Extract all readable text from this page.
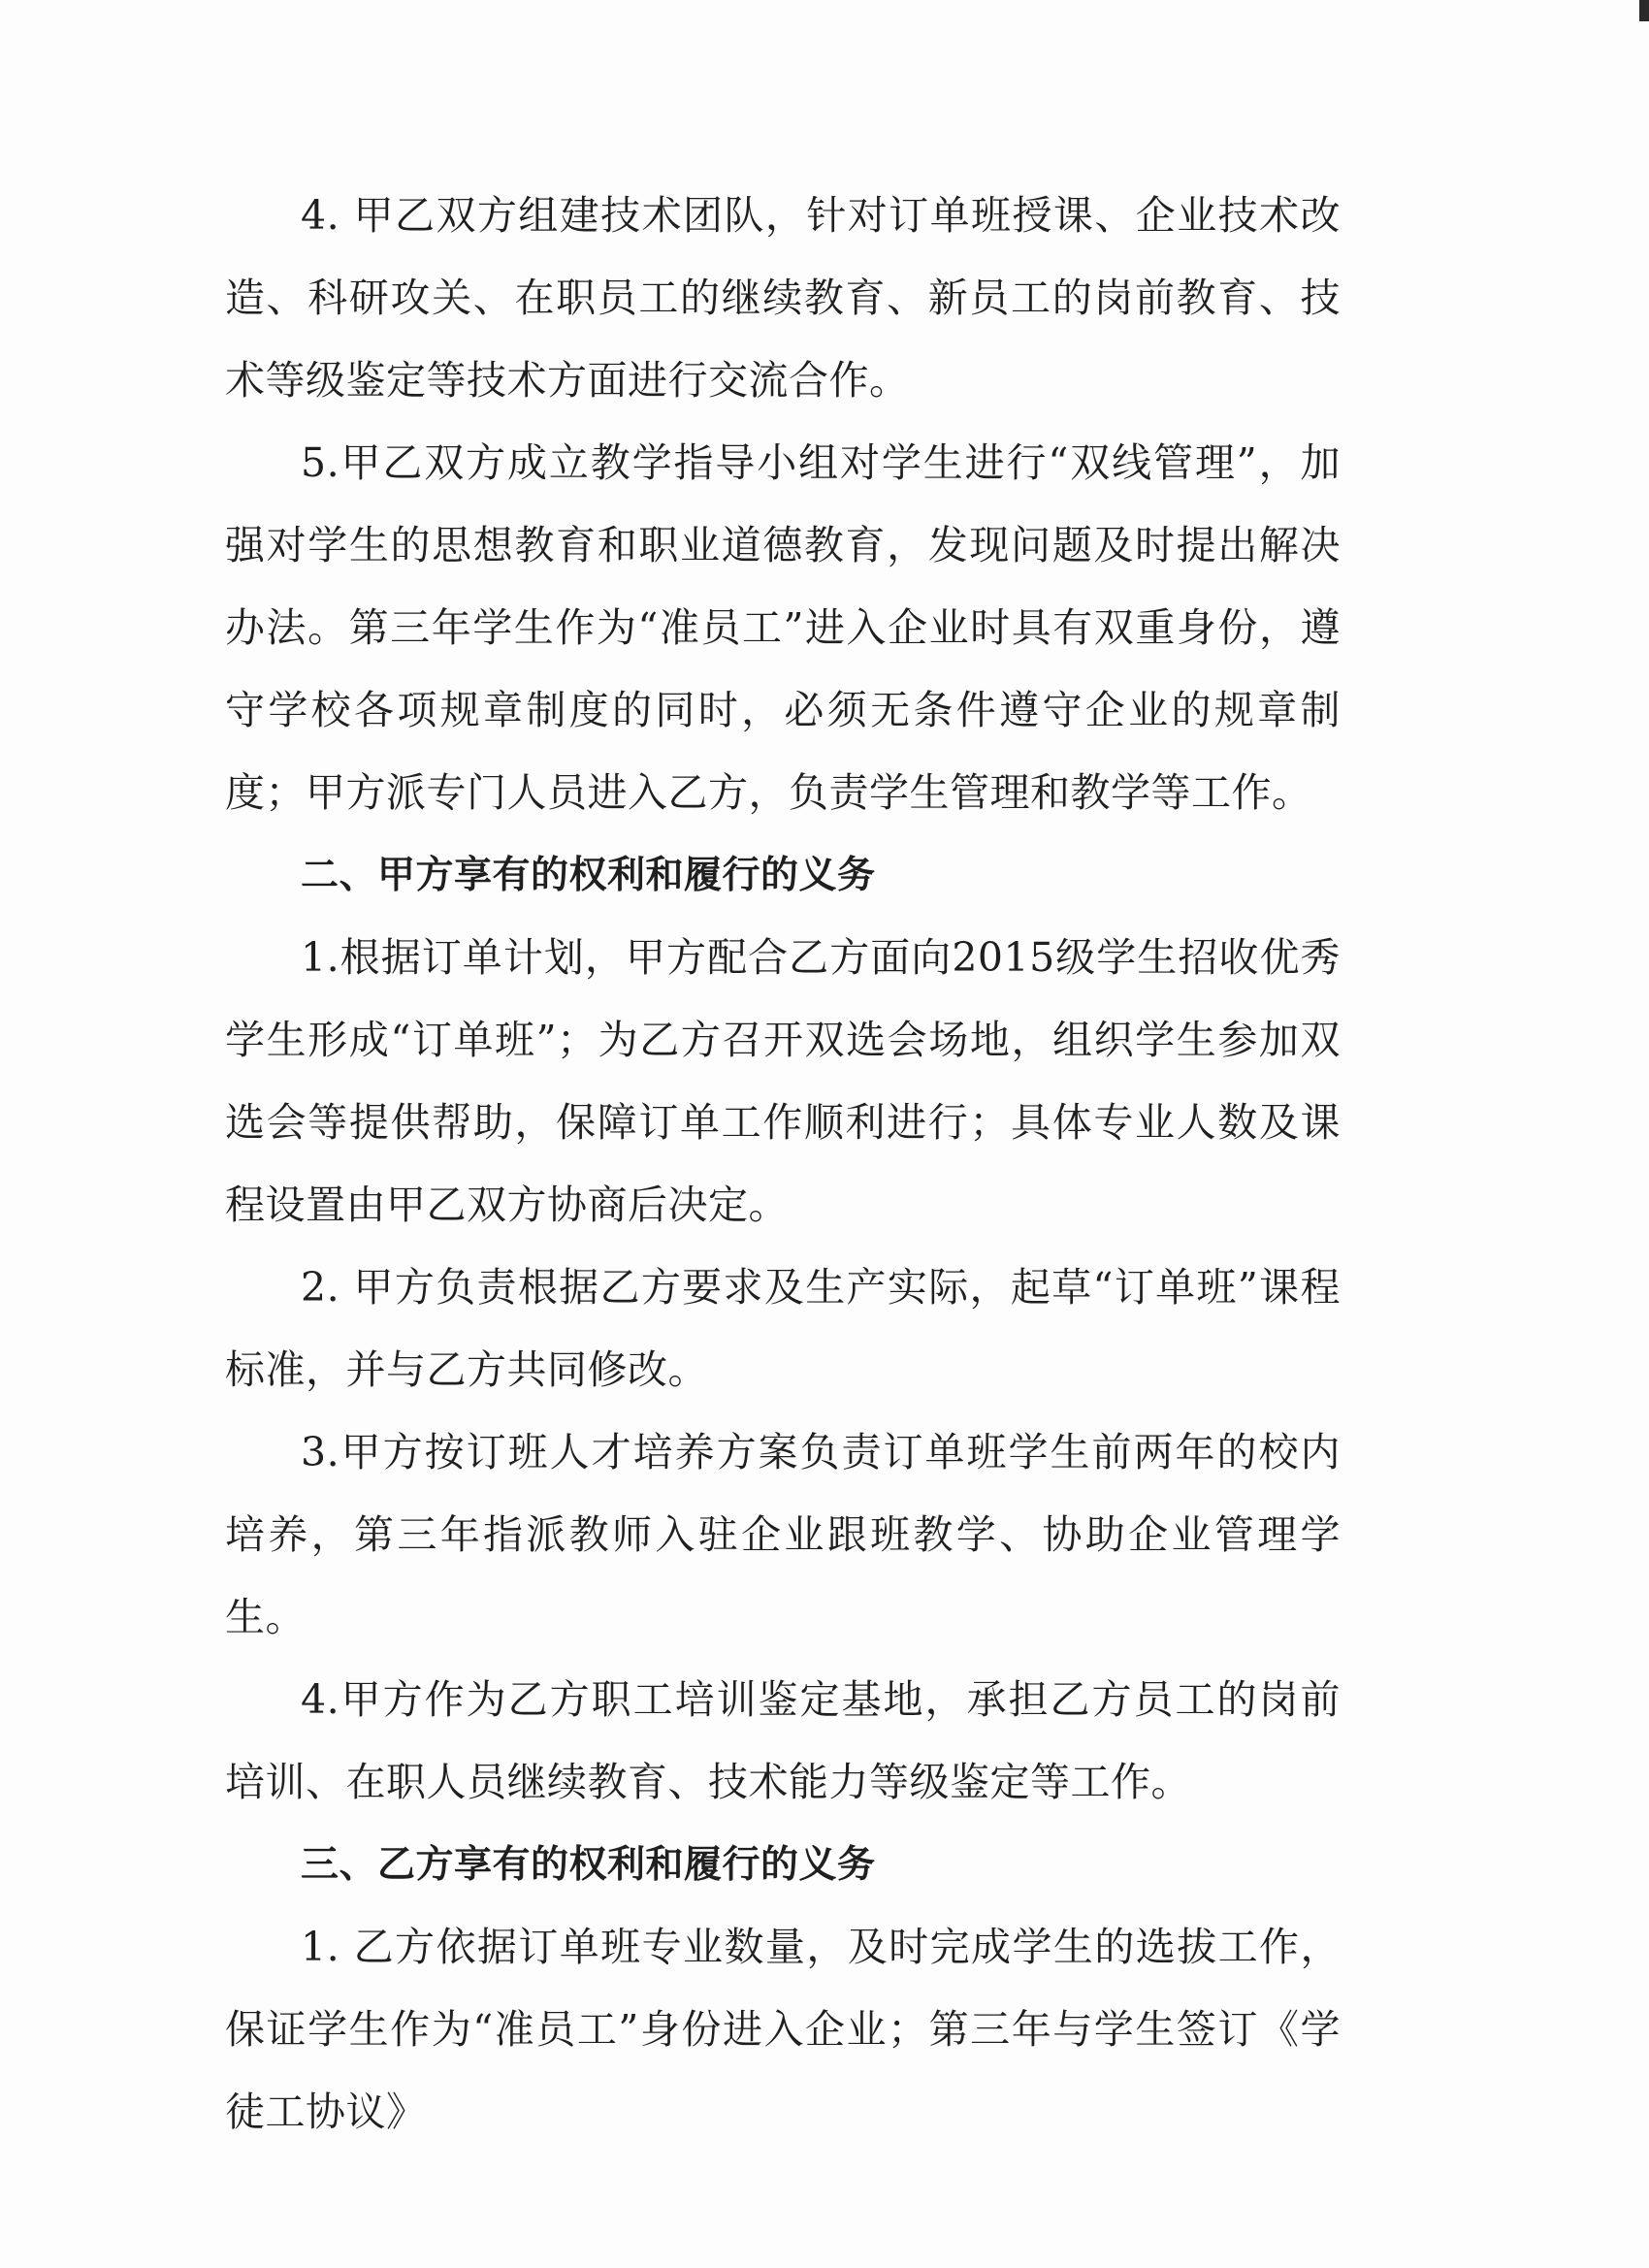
4. 甲乙双方组建技术团队，针对订单班授课、企业技术改造、科研攻关、在职员工的继续教育、新员工的岗前教育、技术等级鉴定等技术方面进行交流合作。

5.甲乙双方成立教学指导小组对学生进行“双线管理”，加强对学生的思想教育和职业道德教育，发现问题及时提出解决办法。第三年学生作为“准员工”进入企业时具有双重身份，遵守学校各项规章制度的同时，必须无条件遵守企业的规章制度；甲方派专门人员进入乙方，负责学生管理和教学等工作。

二、甲方享有的权利和履行的义务

1.根据订单计划，甲方配合乙方面向2015级学生招收优秀学生形成“订单班”；为乙方召开双选会场地，组织学生参加双选会等提供帮助，保障订单工作顺利进行；具体专业人数及课程设置由甲乙双方协商后决定。

2. 甲方负责根据乙方要求及生产实际，起草“订单班”课程标准，并与乙方共同修改。

3.甲方按订班人才培养方案负责订单班学生前两年的校内培养，第三年指派教师入驻企业跟班教学、协助企业管理学生。

4.甲方作为乙方职工培训鉴定基地，承担乙方员工的岗前培训、在职人员继续教育、技术能力等级鉴定等工作。

三、乙方享有的权利和履行的义务

1. 乙方依据订单班专业数量，及时完成学生的选拔工作，保证学生作为“准员工”身份进入企业；第三年与学生签订《学徒工协议》
